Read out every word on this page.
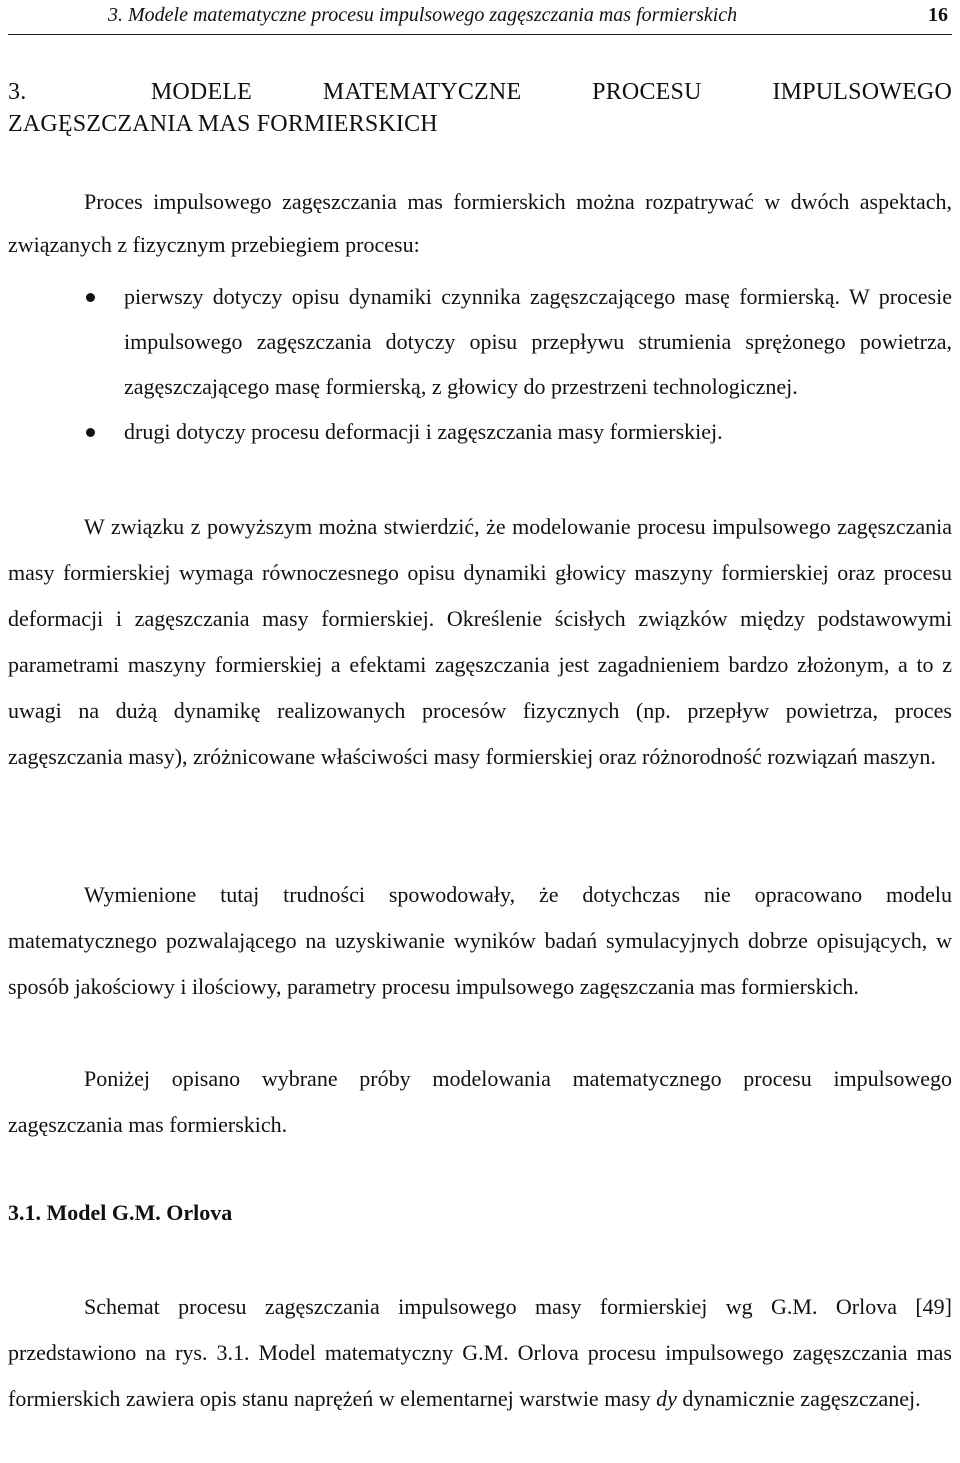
3. Modele matematyczne procesu impulsowego zagęszczania mas formierskich	16
3.	MODELE	MATEMATYCZNE	PROCESU	IMPULSOWEGO
ZAGĘSZCZANIA MAS FORMIERSKICH

Proces impulsowego zagęszczania mas formierskich można rozpatrywać w dwóch aspektach, związanych z fizycznym przebiegiem procesu:

pierwszy dotyczy opisu dynamiki czynnika zagęszczającego masę formierską. W procesie impulsowego zagęszczania dotyczy opisu przepływu strumienia sprężonego powietrza, zagęszczającego masę formierską, z głowicy do przestrzeni technologicznej.
drugi dotyczy procesu deformacji i zagęszczania masy formierskiej.

W związku z powyższym można stwierdzić, że modelowanie procesu impulsowego zagęszczania masy formierskiej wymaga równoczesnego opisu dynamiki głowicy maszyny formierskiej oraz procesu deformacji i zagęszczania masy formierskiej. Określenie ścisłych związków między podstawowymi parametrami maszyny formierskiej a efektami zagęszczania jest zagadnieniem bardzo złożonym, a to z uwagi na dużą dynamikę realizowanych procesów fizycznych (np. przepływ powietrza, proces zagęszczania masy), zróżnicowane właściwości masy formierskiej oraz różnorodność rozwiązań maszyn.

Wymienione tutaj trudności spowodowały, że dotychczas nie opracowano modelu matematycznego pozwalającego na uzyskiwanie wyników badań symulacyjnych dobrze opisujących, w sposób jakościowy i ilościowy, parametry procesu impulsowego zagęszczania mas formierskich.

Poniżej opisano wybrane próby modelowania matematycznego procesu impulsowego zagęszczania mas formierskich.

3.1. Model G.M. Orlova

Schemat procesu zagęszczania impulsowego masy formierskiej wg G.M. Orlova [49] przedstawiono na rys. 3.1. Model matematyczny G.M. Orlova procesu impulsowego zagęszczania mas formierskich zawiera opis stanu naprężeń w elementarnej warstwie masy dy dynamicznie zagęszczanej.
